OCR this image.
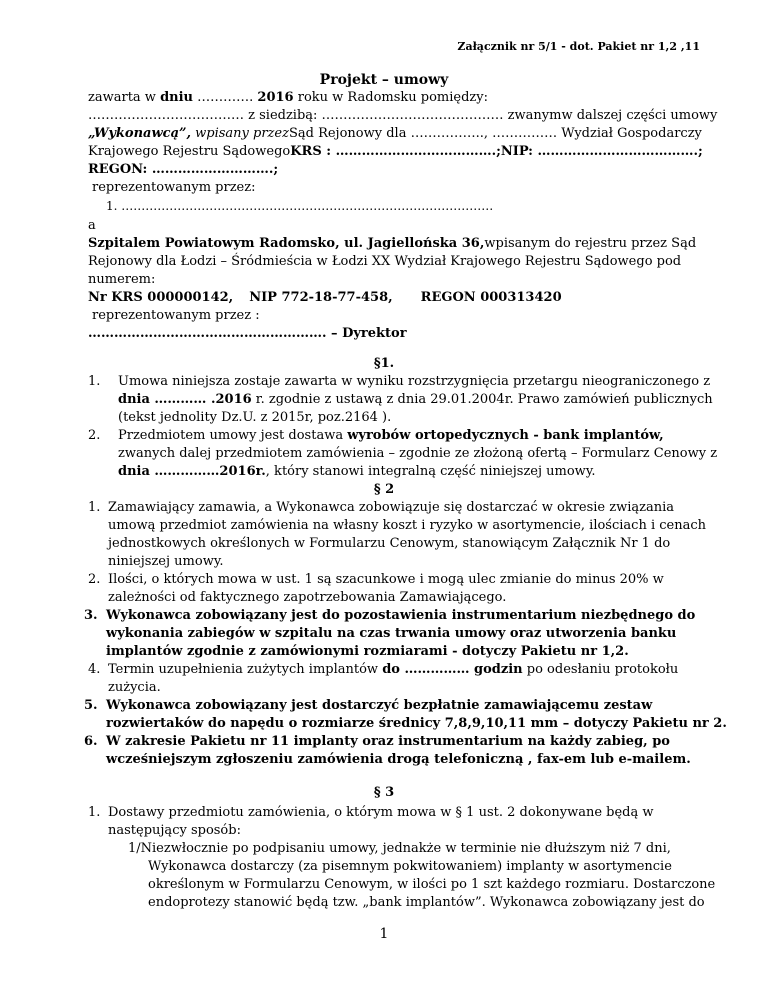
Załącznik nr 5/1 - dot. Pakiet nr 1,2 ,11
Projekt – umowy
zawarta w dniu …………. 2016 roku w Radomsku pomiędzy:
……………………………… z siedzibą: …………………………………… zwanym w dalszej części umowy
„Wykonawcą”, wpisany przez Sąd Rejonowy dla …………….., …………… Wydział Gospodarczy
Krajowego Rejestru Sądowego KRS : ……………………………….; NIP: ……………………………….;
REGON: ……………………….;
reprezentowanym przez:
1. …………………………………………………………………………………
a
Szpitalem Powiatowym Radomsko, ul. Jagiellońska 36, wpisanym do rejestru przez Sąd
Rejonowy dla Łodzi – Śródmieścia w Łodzi XX Wydział Krajowego Rejestru Sądowego pod
numerem:
Nr KRS 000000142, NIP 772-18-77-458, REGON 000313420
reprezentowanym przez :
………………………………………………. – Dyrektor
§1.
1. Umowa niniejsza zostaje zawarta w wyniku rozstrzygnięcia przetargu nieograniczonego z
dnia ………… .2016 r. zgodnie z ustawą z dnia 29.01.2004r. Prawo zamówień publicznych
(tekst jednolity Dz.U. z 2015r, poz.2164 ).
2. Przedmiotem umowy jest dostawa wyrobów ortopedycznych - bank implantów,
zwanych dalej przedmiotem zamówienia – zgodnie ze złożoną ofertą – Formularz Cenowy z
dnia ……………2016r., który stanowi integralną część niniejszej umowy.
§ 2
1. Zamawiający zamawia, a Wykonawca zobowiązuje się dostarczać w okresie związania
umową przedmiot zamówienia na własny koszt i ryzyko w asortymencie, ilościach i cenach
jednostkowych określonych w Formularzu Cenowym, stanowiącym Załącznik Nr 1 do
niniejszej umowy.
2. Ilości, o których mowa w ust. 1 są szacunkowe i mogą ulec zmianie do minus 20% w
zależności od faktycznego zapotrzebowania Zamawiającego.
3. Wykonawca zobowiązany jest do pozostawienia instrumentarium niezbędnego do
wykonania zabiegów w szpitalu na czas trwania umowy oraz utworzenia banku
implantów zgodnie z zamówionymi rozmiarami - dotyczy Pakietu nr 1,2.
4. Termin uzupełnienia zużytych implantów do …………… godzin po odesłaniu protokołu
zużycia.
5. Wykonawca zobowiązany jest dostarczyć bezpłatnie zamawiającemu zestaw
rozwiertaków do napędu o rozmiarze średnicy 7,8,9,10,11 mm – dotyczy Pakietu nr 2.
6. W zakresie Pakietu nr 11 implanty oraz instrumentarium na każdy zabieg, po
wcześniejszym zgłoszeniu zamówienia drogą telefoniczną , fax-em lub e-mailem.
§ 3
1. Dostawy przedmiotu zamówienia, o którym mowa w § 1 ust. 2 dokonywane będą w
następujący sposób:
1/Niezwłocznie po podpisaniu umowy, jednakże w terminie nie dłuższym niż 7 dni,
Wykonawca dostarczy (za pisemnym pokwitowaniem) implanty w asortymencie
określonym w Formularzu Cenowym, w ilości po 1 szt każdego rozmiaru. Dostarczone
endoprotezy stanowić będą tzw. „bank implantów”. Wykonawca zobowiązany jest do
1
